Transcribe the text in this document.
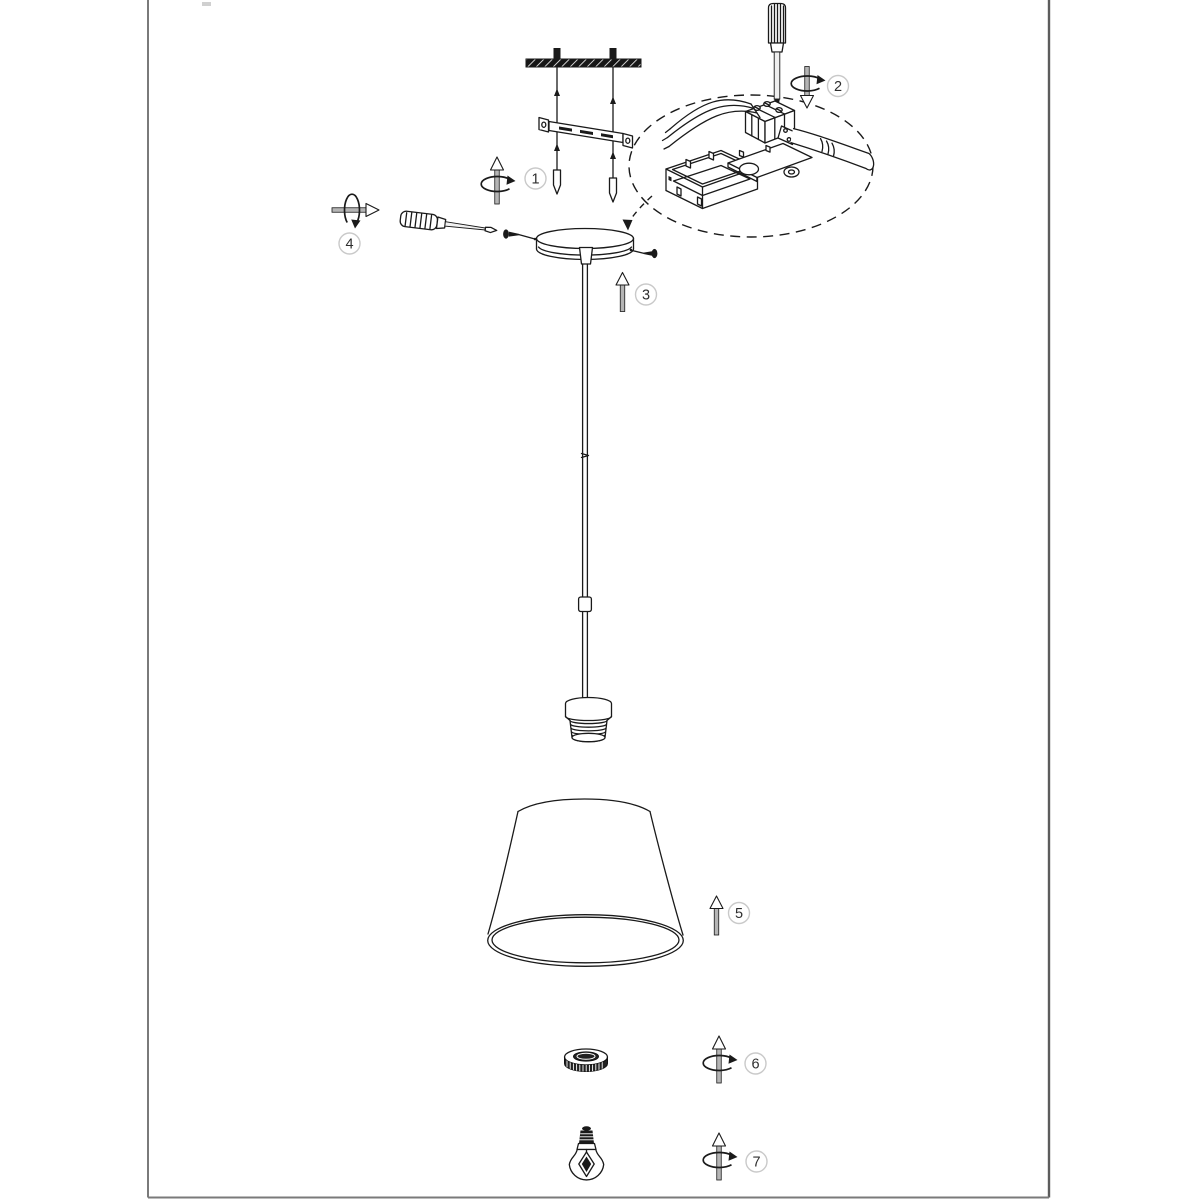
1
2
3
4
5
6
7
